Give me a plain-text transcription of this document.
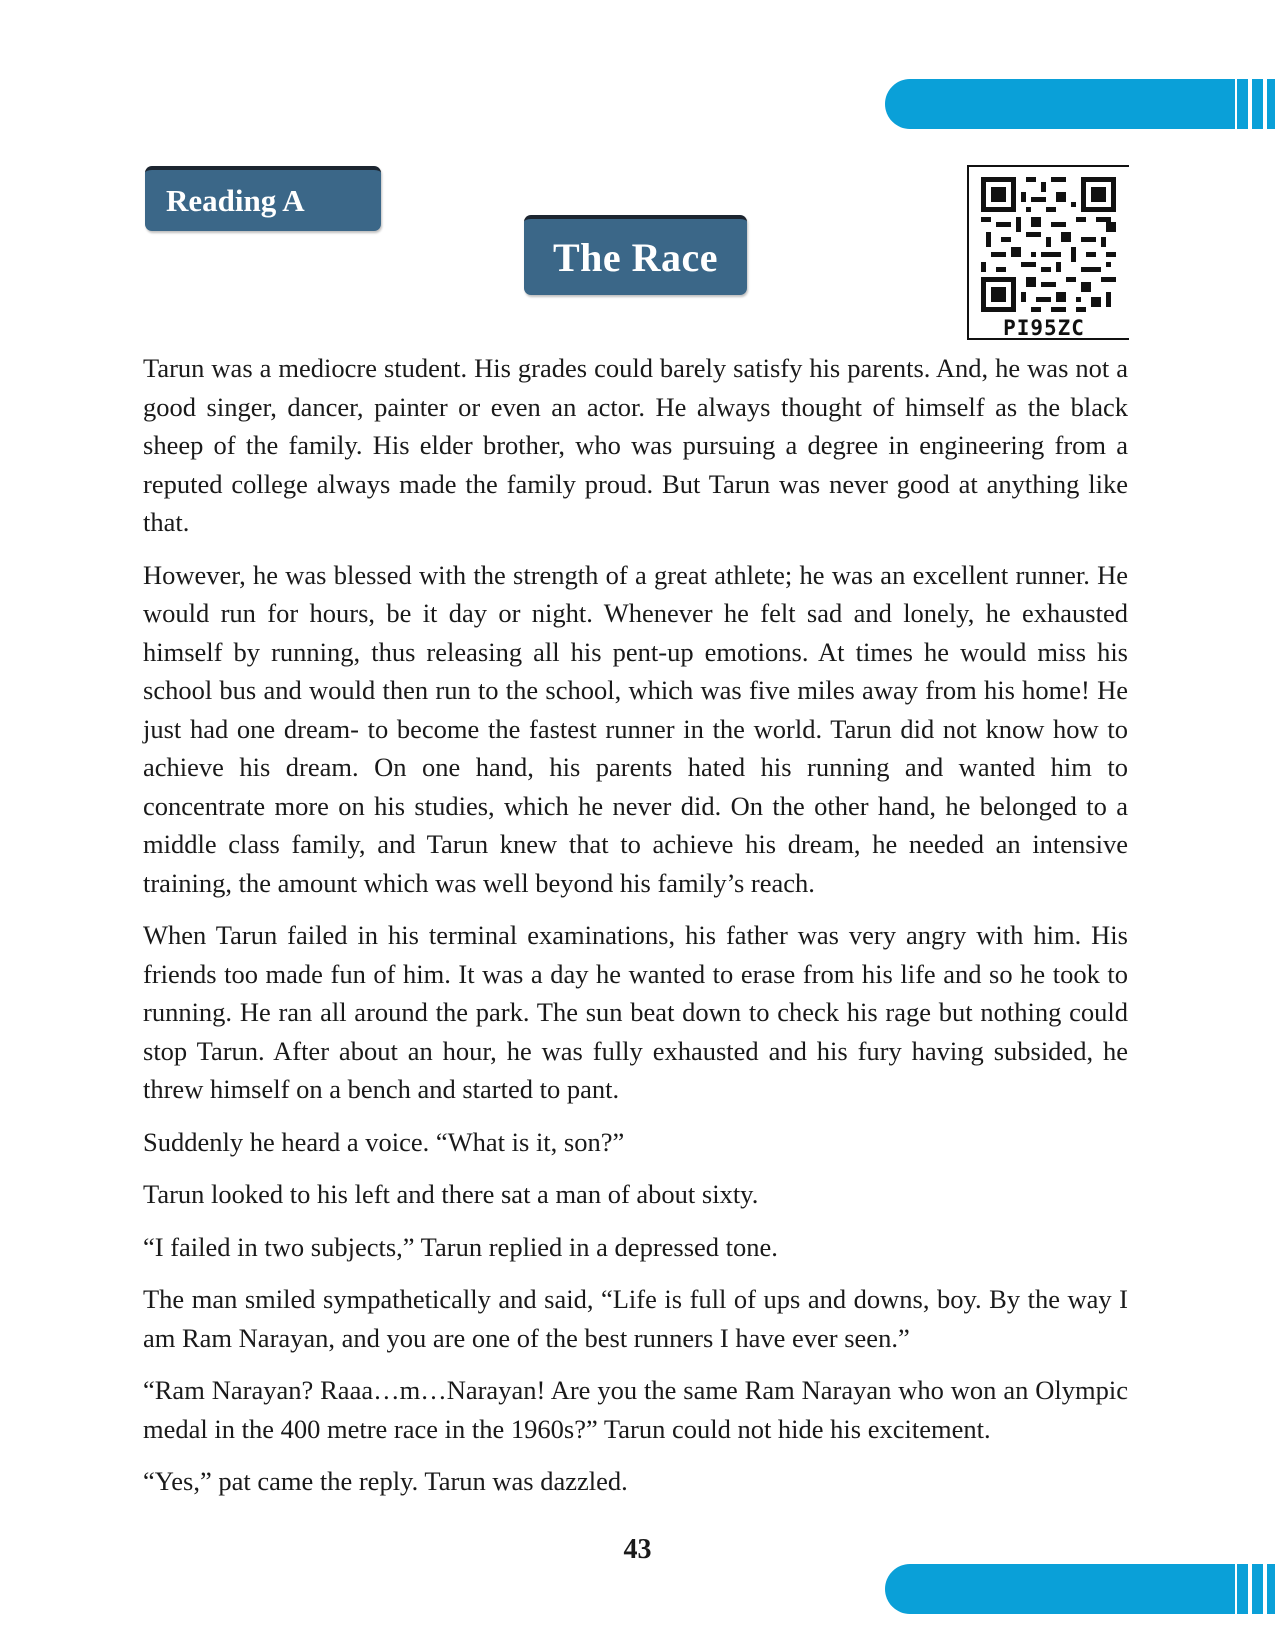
Reading A
The Race
PI95ZC

Tarun was a mediocre student. His grades could barely satisfy his parents. And, he was not a good singer, dancer, painter or even an actor. He always thought of himself as the black sheep of the family. His elder brother, who was pursuing a degree in engineering from a reputed college always made the family proud. But Tarun was never good at anything like that.

However, he was blessed with the strength of a great athlete; he was an excellent runner. He would run for hours, be it day or night. Whenever he felt sad and lonely, he exhausted himself by running, thus releasing all his pent-up emotions. At times he would miss his school bus and would then run to the school, which was five miles away from his home! He just had one dream- to become the fastest runner in the world. Tarun did not know how to achieve his dream. On one hand, his parents hated his running and wanted him to concentrate more on his studies, which he never did. On the other hand, he belonged to a middle class family, and Tarun knew that to achieve his dream, he needed an intensive training, the amount which was well beyond his family’s reach.

When Tarun failed in his terminal examinations, his father was very angry with him. His friends too made fun of him. It was a day he wanted to erase from his life and so he took to running. He ran all around the park. The sun beat down to check his rage but nothing could stop Tarun. After about an hour, he was fully exhausted and his fury having subsided, he threw himself on a bench and started to pant.

Suddenly he heard a voice. “What is it, son?”

Tarun looked to his left and there sat a man of about sixty.

“I failed in two subjects,” Tarun replied in a depressed tone.

The man smiled sympathetically and said, “Life is full of ups and downs, boy. By the way I am Ram Narayan, and you are one of the best runners I have ever seen.”

“Ram Narayan? Raaa…m…Narayan! Are you the same Ram Narayan who won an Olympic medal in the 400 metre race in the 1960s?” Tarun could not hide his excitement.

“Yes,” pat came the reply. Tarun was dazzled.

43
